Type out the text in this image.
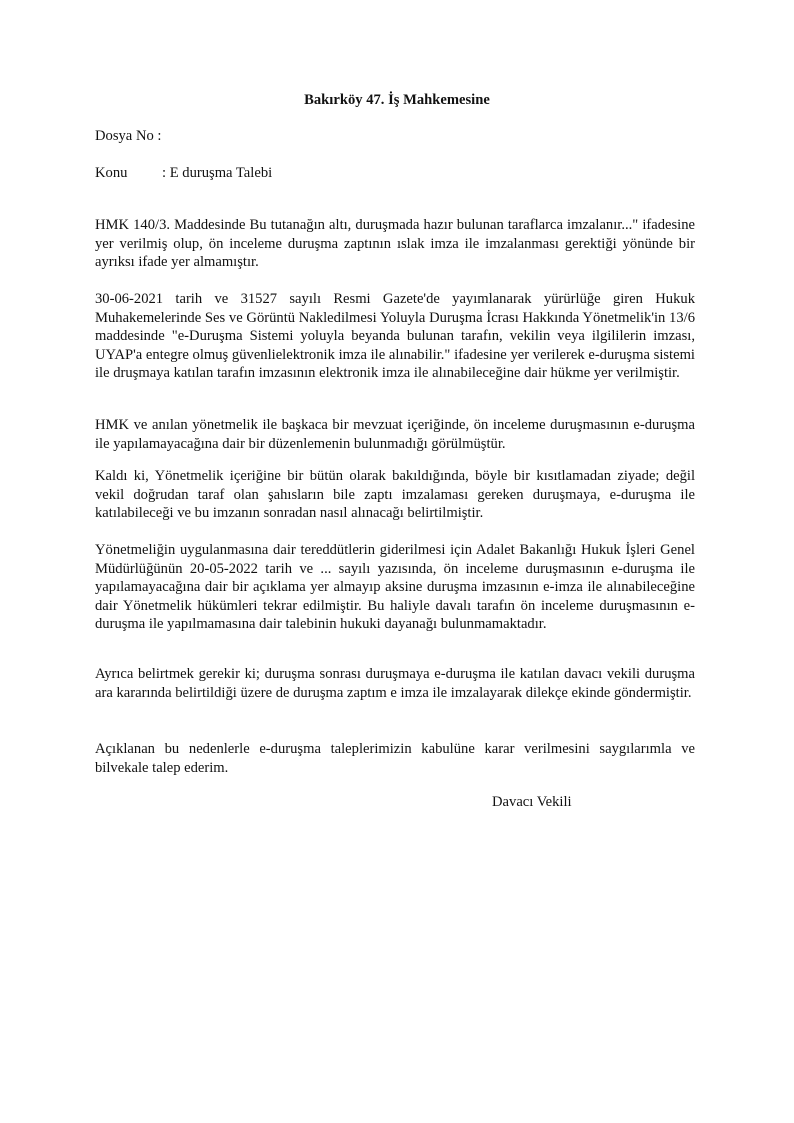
Bakırköy 47. İş Mahkemesine
Dosya No :
Konu : E duruşma Talebi

HMK 140/3. Maddesinde Bu tutanağın altı, duruşmada hazır bulunan taraflarca imzalanır..." ifadesine yer verilmiş olup, ön inceleme duruşma zaptının ıslak imza ile imzalanması gerektiği yönünde bir ayrıksı ifade yer almamıştır.

30-06-2021 tarih ve 31527 sayılı Resmi Gazete'de yayımlanarak yürürlüğe giren Hukuk Muhakemelerinde Ses ve Görüntü Nakledilmesi Yoluyla Duruşma İcrası Hakkında Yönetmelik'in 13/6 maddesinde "e-Duruşma Sistemi yoluyla beyanda bulunan tarafın, vekilin veya ilgililerin imzası, UYAP'a entegre olmuş güvenlielektronik imza ile alınabilir." ifadesine yer verilerek e-duruşma sistemi ile druşmaya katılan tarafın imzasının elektronik imza ile alınabileceğine dair hükme yer verilmiştir.

HMK ve anılan yönetmelik ile başkaca bir mevzuat içeriğinde, ön inceleme duruşmasının e-duruşma ile yapılamayacağına dair bir düzenlemenin bulunmadığı görülmüştür.

Kaldı ki, Yönetmelik içeriğine bir bütün olarak bakıldığında, böyle bir kısıtlamadan ziyade; değil vekil doğrudan taraf olan şahısların bile zaptı imzalaması gereken duruşmaya, e-duruşma ile katılabileceği ve bu imzanın sonradan nasıl alınacağı belirtilmiştir.

Yönetmeliğin uygulanmasına dair tereddütlerin giderilmesi için Adalet Bakanlığı Hukuk İşleri Genel Müdürlüğünün 20-05-2022 tarih ve ... sayılı yazısında, ön inceleme duruşmasının e-duruşma ile yapılamayacağına dair bir açıklama yer almayıp aksine duruşma imzasının e-imza ile alınabileceğine dair Yönetmelik hükümleri tekrar edilmiştir. Bu haliyle davalı tarafın ön inceleme duruşmasının e-duruşma ile yapılmamasına dair talebinin hukuki dayanağı bulunmamaktadır.

Ayrıca belirtmek gerekir ki; duruşma sonrası duruşmaya e-duruşma ile katılan davacı vekili duruşma ara kararında belirtildiği üzere de duruşma zaptım e imza ile imzalayarak dilekçe ekinde göndermiştir.

Açıklanan bu nedenlerle e-duruşma taleplerimizin kabulüne karar verilmesini saygılarımla ve bilvekale talep ederim.

Davacı Vekili
